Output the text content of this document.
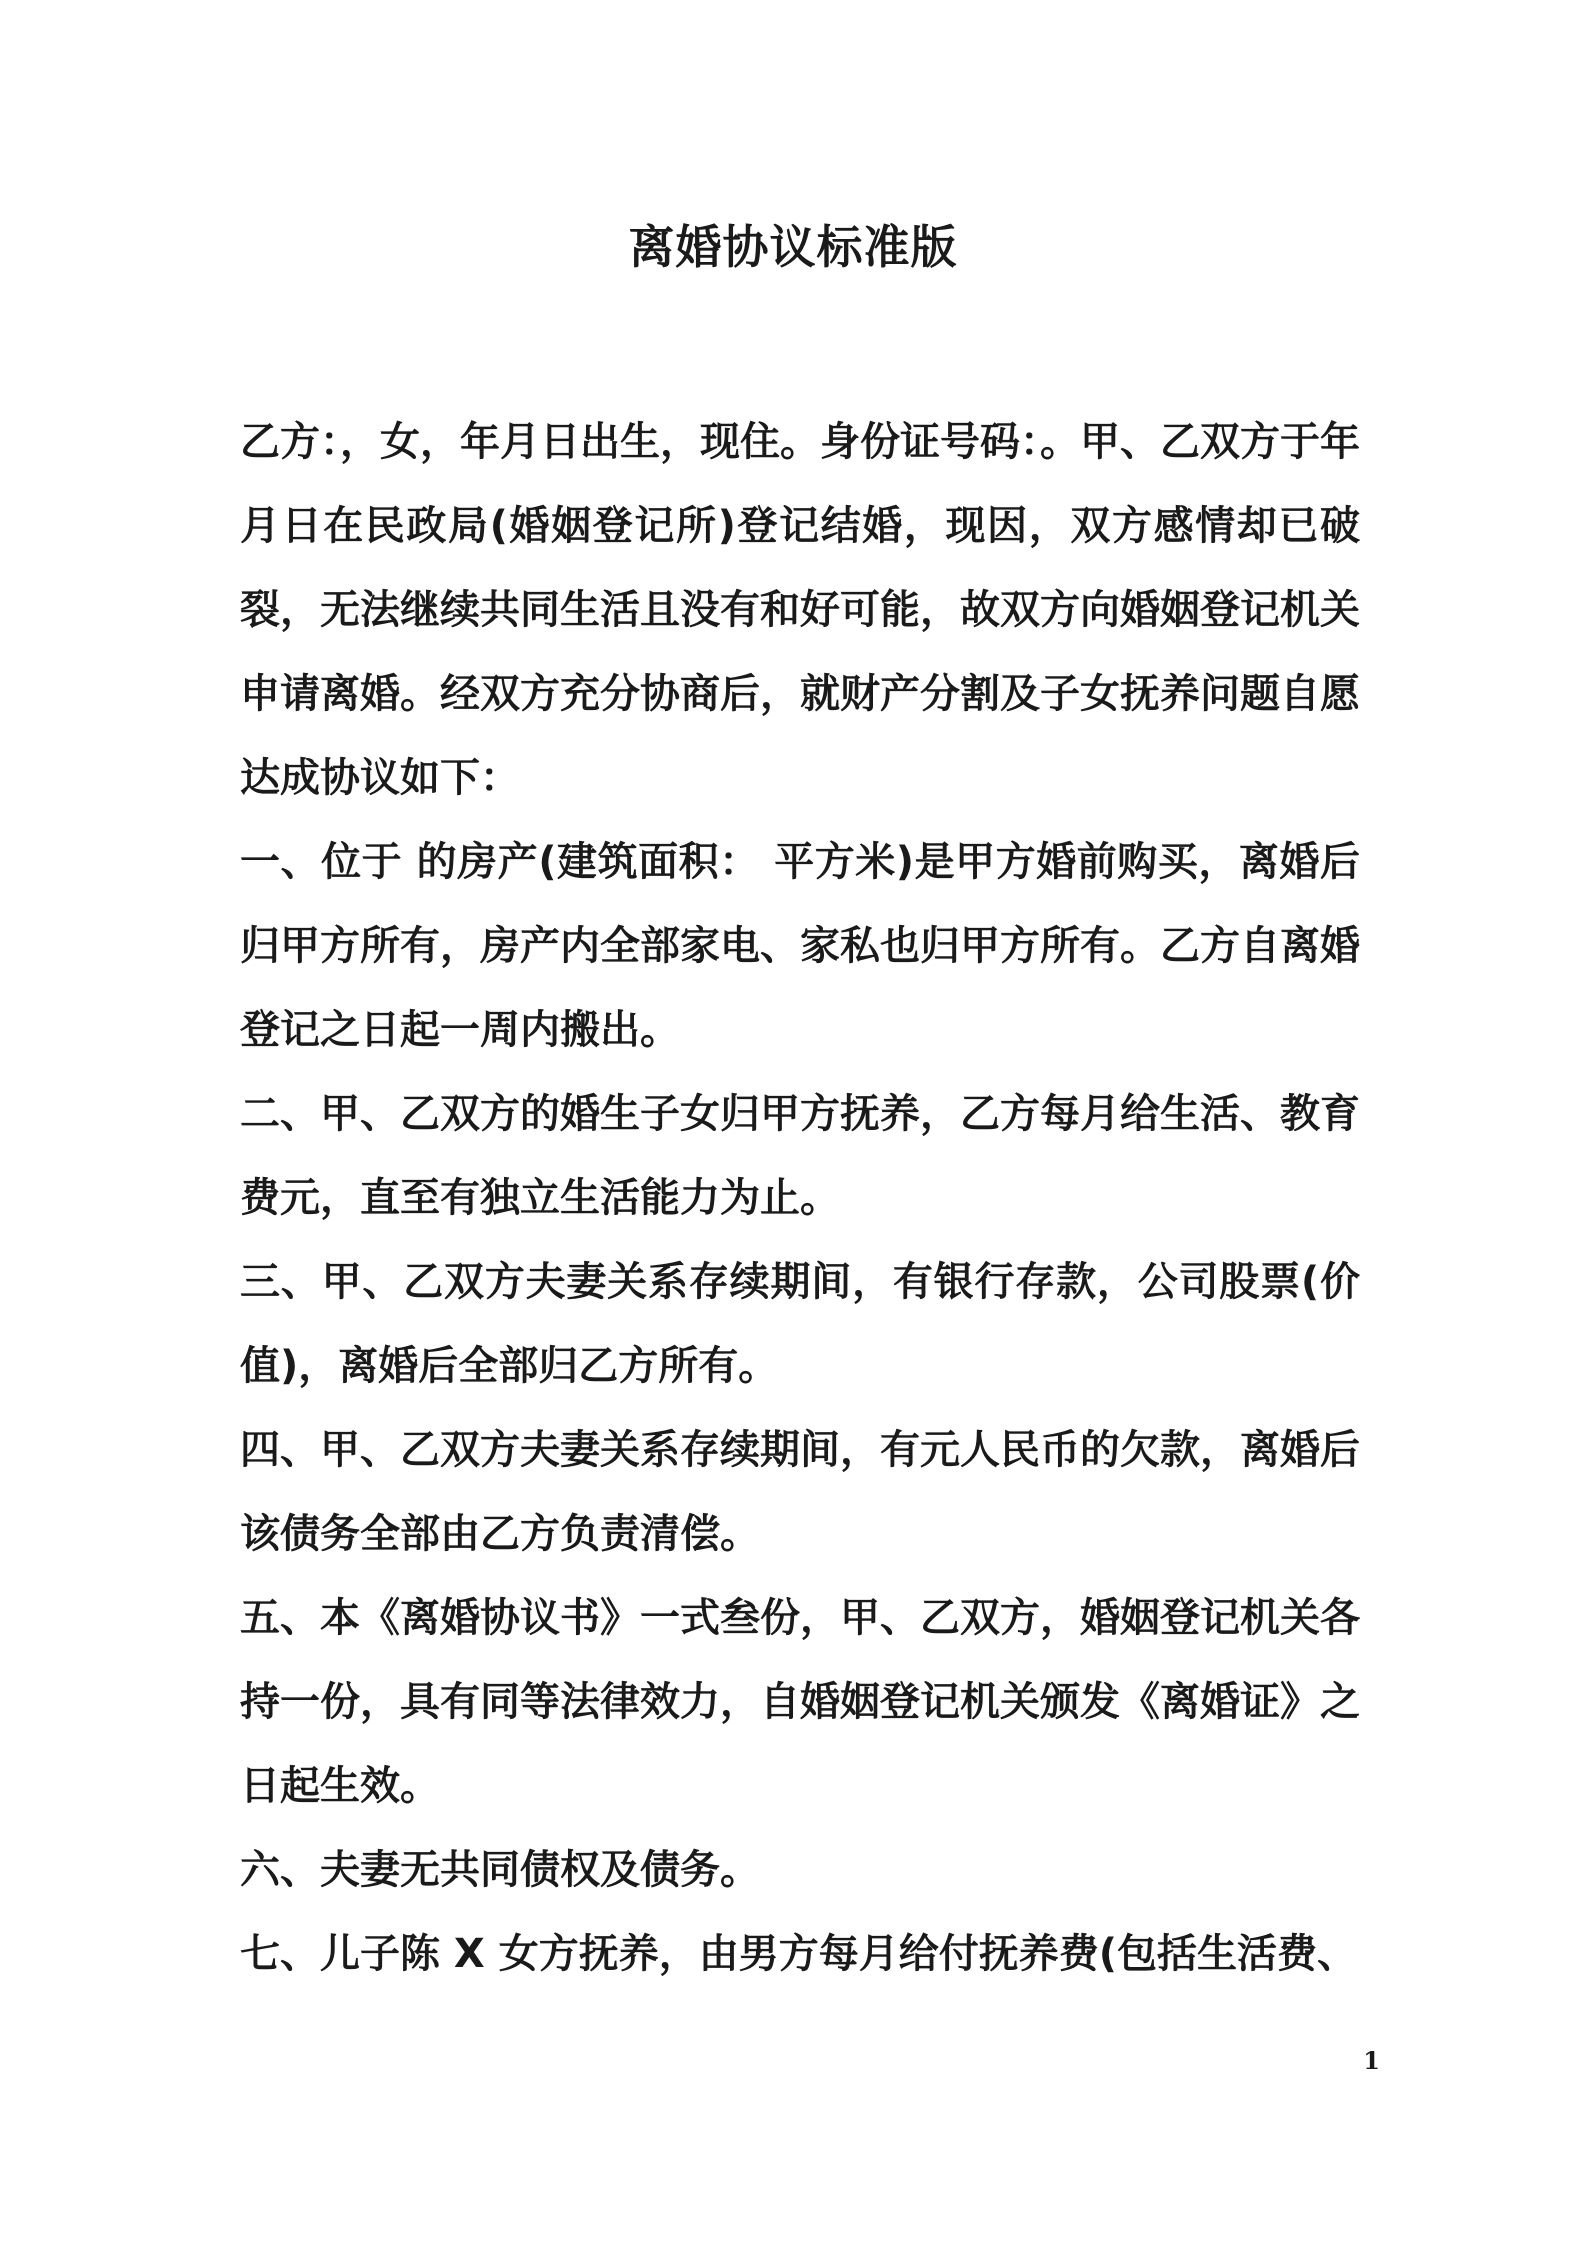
离婚协议标准版

乙方：，女，年月日出生，现住。身份证号码：。甲、乙双方于年月日在民政局(婚姻登记所)登记结婚，现因，双方感情却已破裂，无法继续共同生活且没有和好可能，故双方向婚姻登记机关申请离婚。经双方充分协商后，就财产分割及子女抚养问题自愿达成协议如下：

一、位于 的房产(建筑面积： 平方米)是甲方婚前购买，离婚后归甲方所有，房产内全部家电、家私也归甲方所有。乙方自离婚登记之日起一周内搬出。

二、甲、乙双方的婚生子女归甲方抚养，乙方每月给生活、教育费元，直至有独立生活能力为止。

三、甲、乙双方夫妻关系存续期间，有银行存款，公司股票(价值)，离婚后全部归乙方所有。

四、甲、乙双方夫妻关系存续期间，有元人民币的欠款，离婚后该债务全部由乙方负责清偿。

五、本《离婚协议书》一式叁份，甲、乙双方，婚姻登记机关各持一份，具有同等法律效力，自婚姻登记机关颁发《离婚证》之日起生效。

六、夫妻无共同债权及债务。

七、儿子陈 X 女方抚养，由男方每月给付抚养费(包括生活费、

1
